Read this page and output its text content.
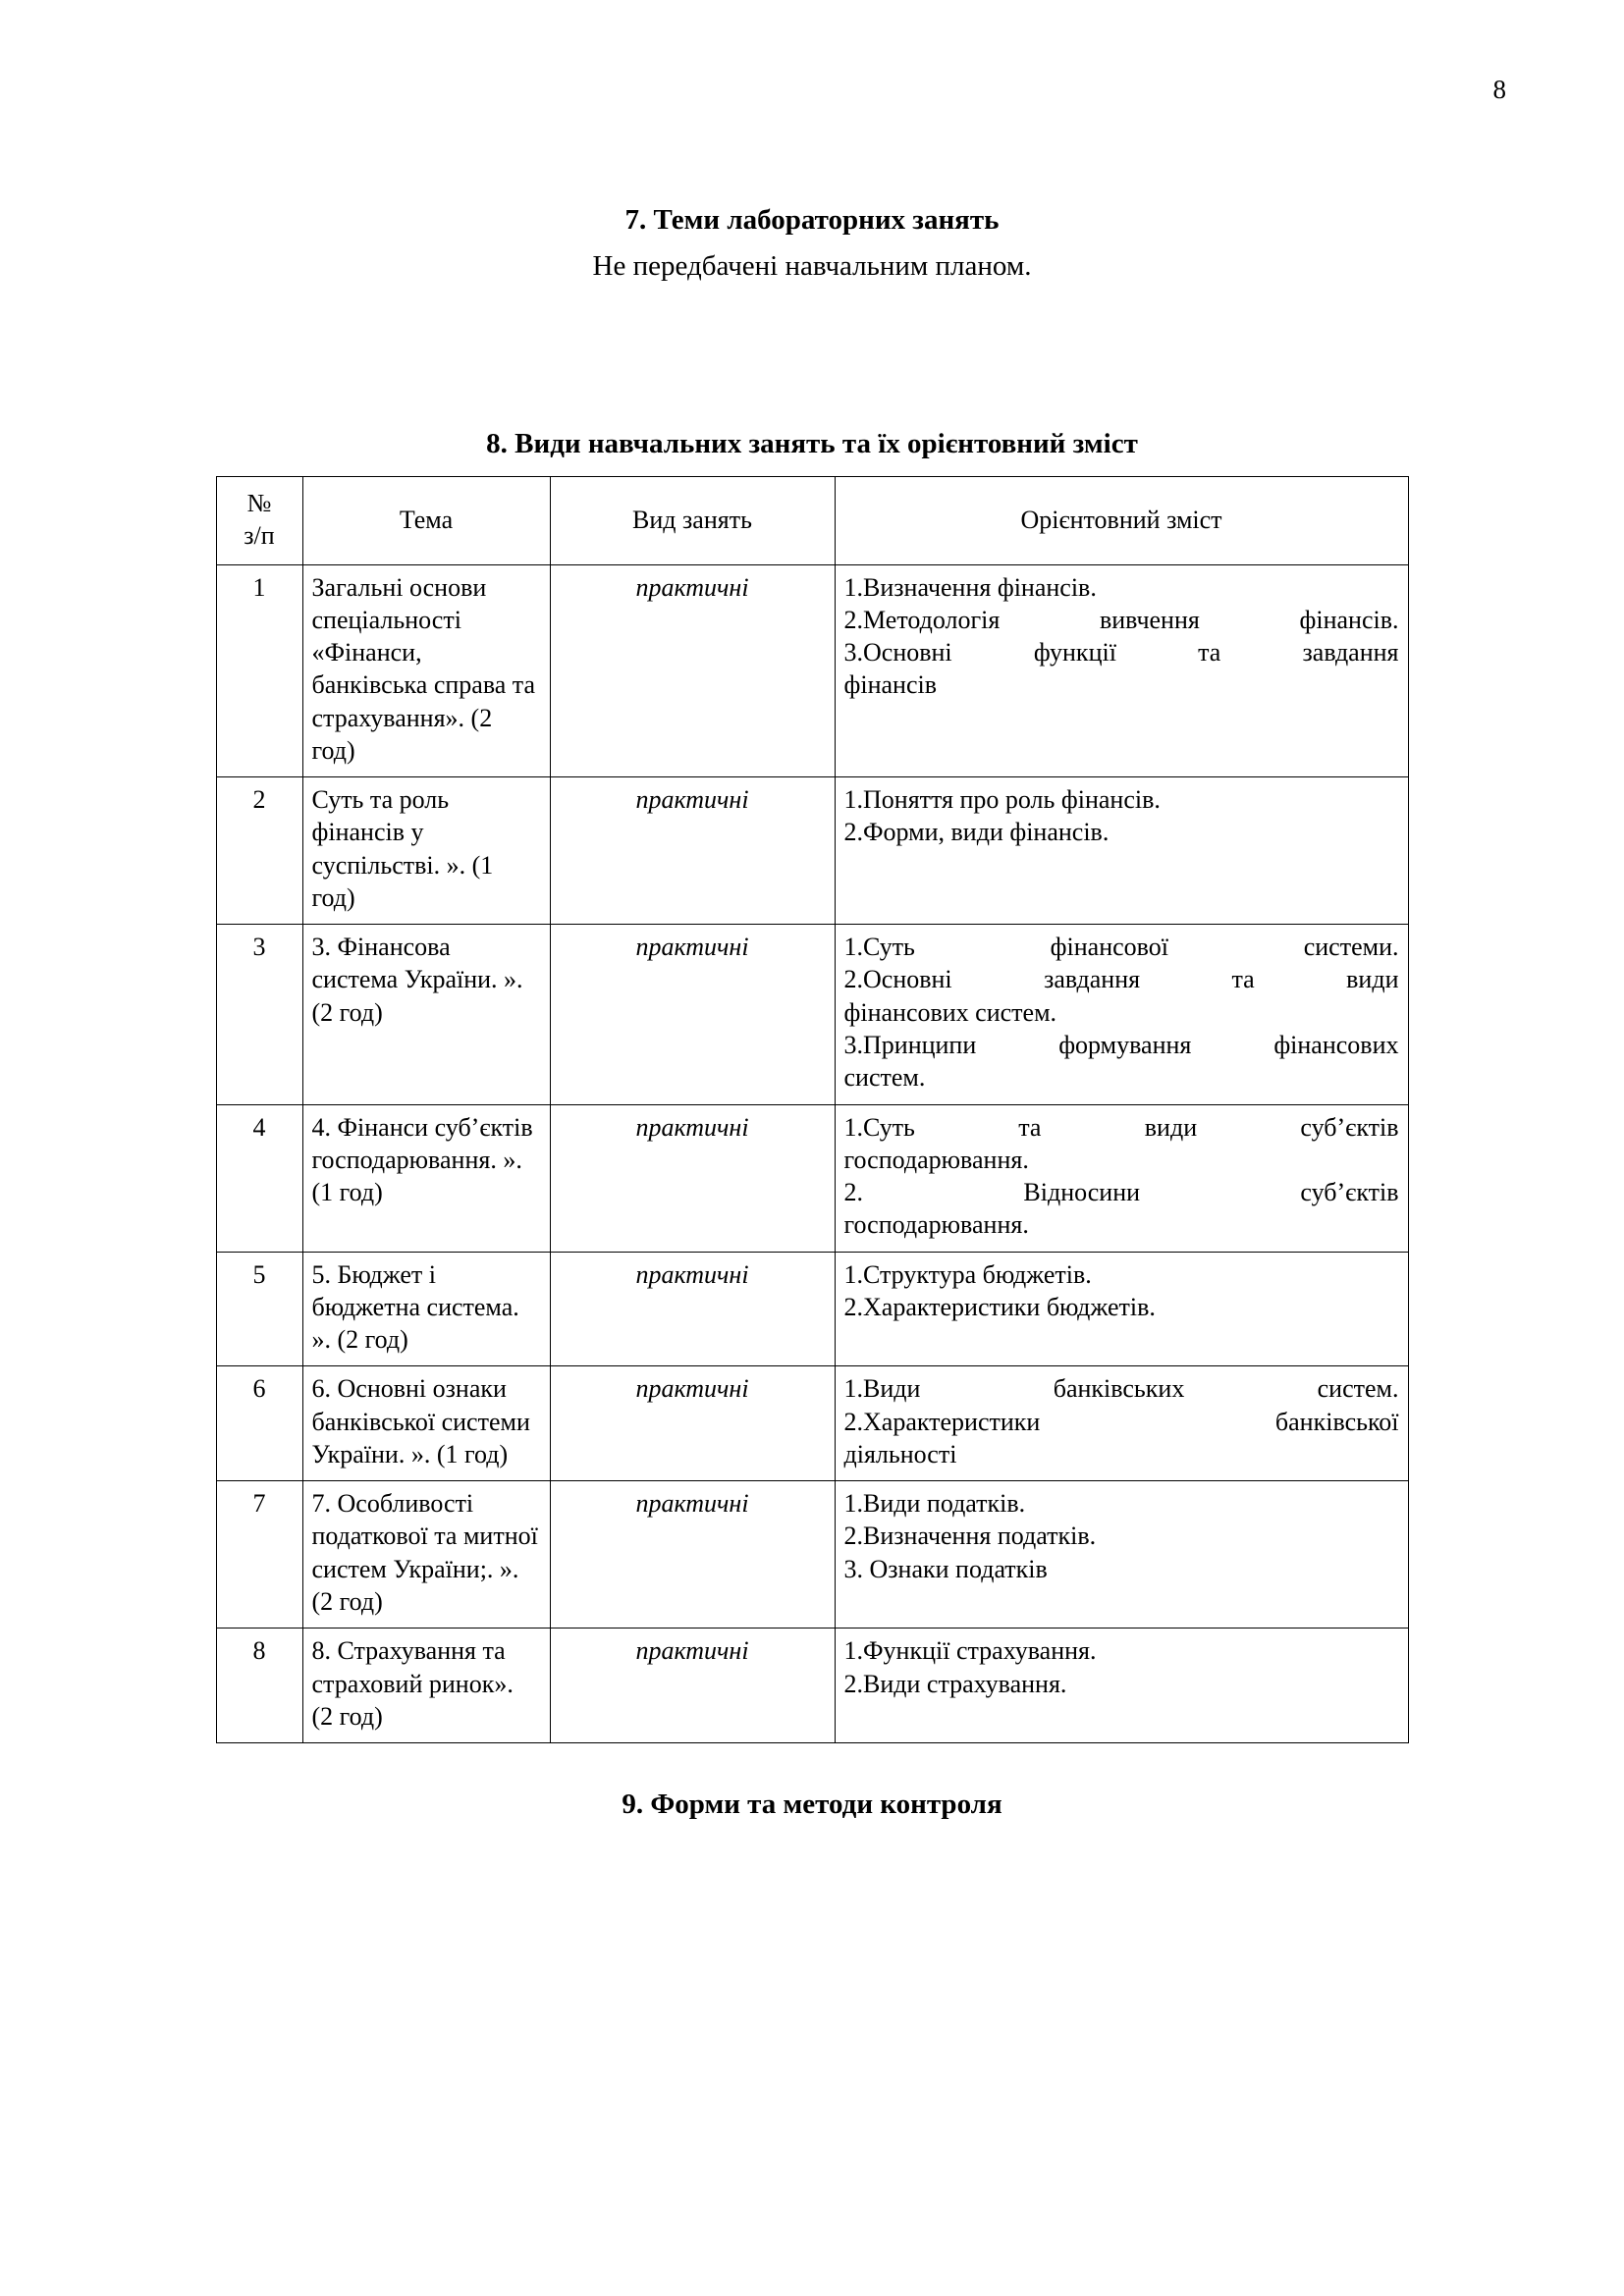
8
7. Теми лабораторних занять
Не передбачені навчальним планом.
8. Види навчальних занять та їх орієнтовний зміст
№
з/п	Тема	Вид занять	Орієнтовний зміст
1	Загальні основи спеціальності «Фінанси, банківська справа та страхування». (2 год)	практичні	1.Визначення фінансів.
2.Методологія вивчення фінансів.
3.Основні функції та завдання
фінансів

2	Суть та роль фінансів у суспільстві. ». (1 год)	практичні	1.Поняття про роль фінансів.
2.Форми, види фінансів.

3	3. Фінансова система України. ». (2 год)	практичні	1.Суть фінансової системи.
2.Основні завдання та види
фінансових систем.
3.Принципи формування фінансових
систем.

4	4. Фінанси суб’єктів господарювання. ». (1 год)	практичні	1.Суть та види суб’єктів
господарювання.
2. Відносини суб’єктів
господарювання.

5	5. Бюджет і бюджетна система. ». (2 год)	практичні	1.Структура бюджетів.
2.Характеристики бюджетів.

6	6. Основні ознаки банківської системи України. ». (1 год)	практичні	1.Види банківських систем.
2.Характеристики банківської
діяльності

7	7. Особливості податкової та митної систем України;. ». (2 год)	практичні	1.Види податків.
2.Визначення податків.
3. Ознаки податків

8	8. Страхування та страховий ринок». (2 год)	практичні	1.Функції страхування.
2.Види страхування.
9. Форми та методи контроля
